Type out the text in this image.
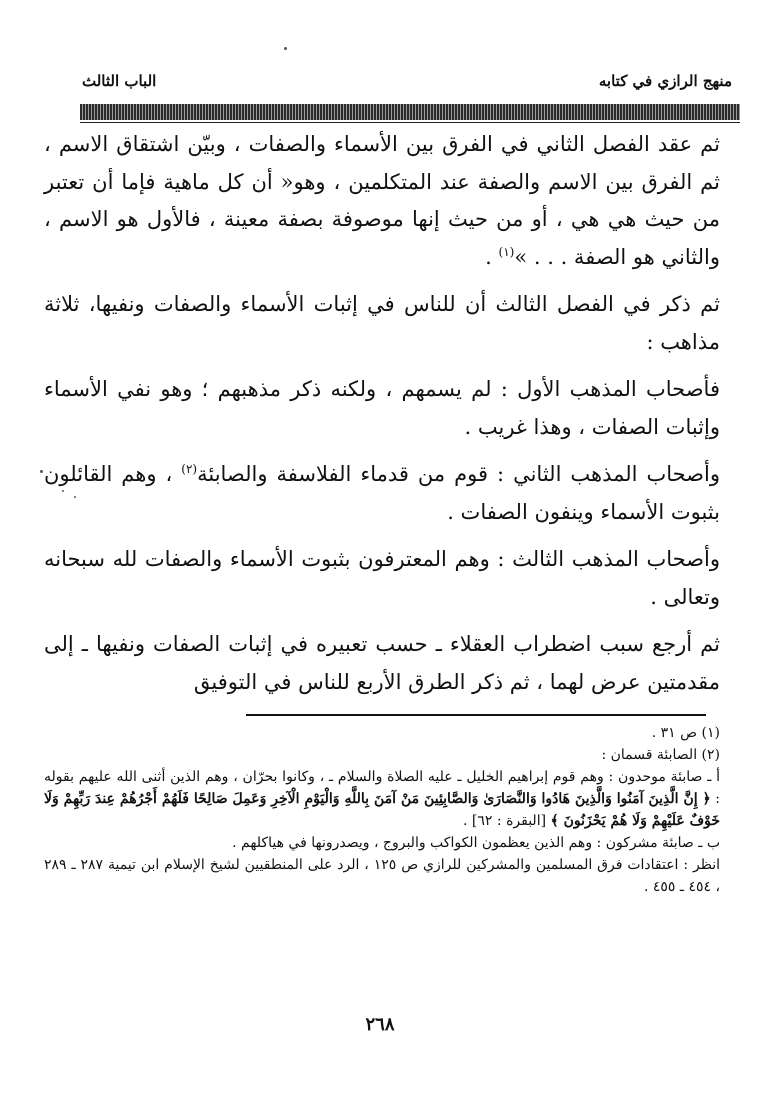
منهج الرازي في كتابه
الباب الثالث

ثم عقد الفصل الثاني في الفرق بين الأسماء والصفات ، وبيّن اشتقاق الاسم ، ثم الفرق بين الاسم والصفة عند المتكلمين ، وهو« أن كل ماهية فإما أن تعتبر من حيث هي هي ، أو من حيث إنها موصوفة بصفة معينة ، فالأول هو الاسم ، والثاني هو الصفة . . . »$^{(١)}$ .

ثم ذكر في الفصل الثالث أن للناس في إثبات الأسماء والصفات ونفيها، ثلاثة مذاهب :

فأصحاب المذهب الأول : لم يسمهم ، ولكنه ذكر مذهبهم ؛ وهو نفي الأسماء وإثبات الصفات ، وهذا غريب .

وأصحاب المذهب الثاني : قوم من قدماء الفلاسفة والصابئة$^{(٢)}$ ، وهم القائلون بثبوت الأسماء وينفون الصفات .

وأصحاب المذهب الثالث : وهم المعترفون بثبوت الأسماء والصفات لله سبحانه وتعالى .

ثم أرجع سبب اضطراب العقلاء ـ حسب تعبيره في إثبات الصفات ونفيها ـ إلى مقدمتين عرض لهما ، ثم ذكر الطرق الأربع للناس في التوفيق

(١) ص ٣١ .

(٢) الصابئة قسمان :

أ ـ صابئة موحدون : وهم قوم إبراهيم الخليل ـ عليه الصلاة والسلام ـ ، وكانوا بحرّان ، وهم الذين أثنى الله عليهم بقوله : ﴿ إِنَّ الَّذِينَ آمَنُوا وَالَّذِينَ هَادُوا وَالنَّصَارَىٰ وَالصَّابِئِينَ مَنْ آمَنَ بِاللَّهِ وَالْيَوْمِ الْآخِرِ وَعَمِلَ صَالِحًا فَلَهُمْ أَجْرُهُمْ عِندَ رَبِّهِمْ وَلَا خَوْفٌ عَلَيْهِمْ وَلَا هُمْ يَحْزَنُونَ ﴾ [البقرة : ٦٢] .

ب ـ صابئة مشركون : وهم الذين يعظمون الكواكب والبروج ، ويصدرونها في هياكلهم .

انظر : اعتقادات فرق المسلمين والمشركين للرازي ص ١٢٥ ، الرد على المنطقيين لشيخ الإسلام ابن تيمية ٢٨٧ ـ ٢٨٩ ، ٤٥٤ ـ ٤٥٥ .

٢٦٨
